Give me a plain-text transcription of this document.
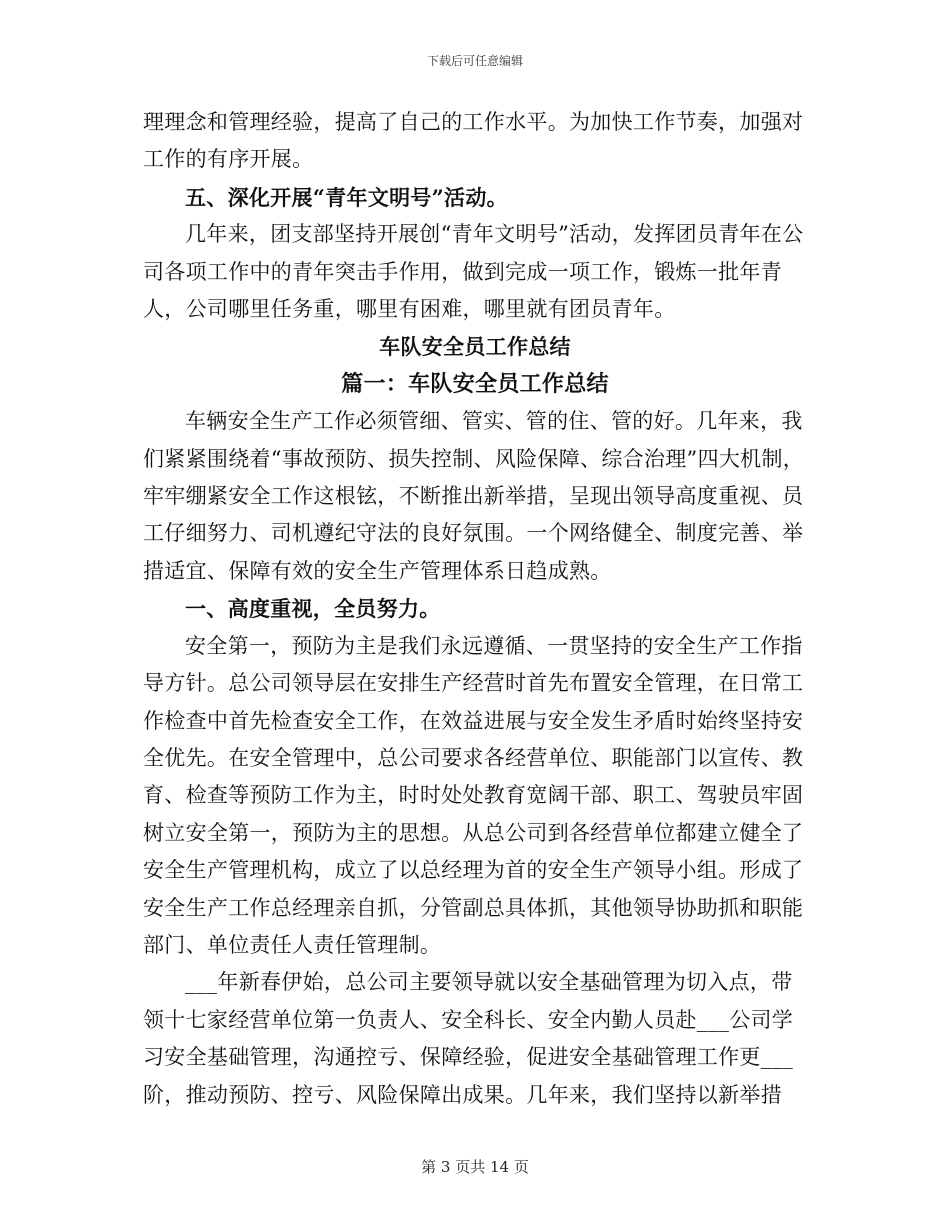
下载后可任意编辑

理理念和管理经验，提高了自己的工作水平。为加快工作节奏，加强对工作的有序开展。

五、深化开展“青年文明号”活动。

几年来，团支部坚持开展创“青年文明号”活动，发挥团员青年在公司各项工作中的青年突击手作用，做到完成一项工作，锻炼一批年青人，公司哪里任务重，哪里有困难，哪里就有团员青年。

车队安全员工作总结

篇一：车队安全员工作总结

车辆安全生产工作必须管细、管实、管的住、管的好。几年来，我们紧紧围绕着“事故预防、损失控制、风险保障、综合治理”四大机制，牢牢绷紧安全工作这根铉，不断推出新举措，呈现出领导高度重视、员工仔细努力、司机遵纪守法的良好氛围。一个网络健全、制度完善、举措适宜、保障有效的安全生产管理体系日趋成熟。

一、高度重视，全员努力。

安全第一，预防为主是我们永远遵循、一贯坚持的安全生产工作指导方针。总公司领导层在安排生产经营时首先布置安全管理，在日常工作检查中首先检查安全工作，在效益进展与安全发生矛盾时始终坚持安全优先。在安全管理中，总公司要求各经营单位、职能部门以宣传、教育、检查等预防工作为主，时时处处教育宽阔干部、职工、驾驶员牢固树立安全第一，预防为主的思想。从总公司到各经营单位都建立健全了安全生产管理机构，成立了以总经理为首的安全生产领导小组。形成了安全生产工作总经理亲自抓，分管副总具体抓，其他领导协助抓和职能部门、单位责任人责任管理制。

___年新春伊始，总公司主要领导就以安全基础管理为切入点，带领十七家经营单位第一负责人、安全科长、安全内勤人员赴___公司学习安全基础管理，沟通控亏、保障经验，促进安全基础管理工作更___阶，推动预防、控亏、风险保障出成果。几年来，我们坚持以新举措

第 3 页共 14 页
